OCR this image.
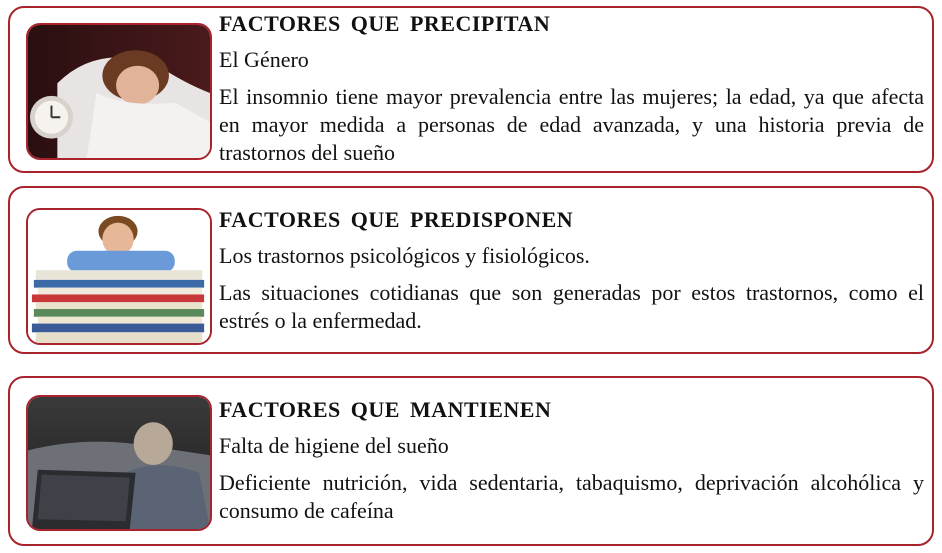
FACTORES QUE PRECIPITAN

El Género

El insomnio tiene mayor prevalencia entre las mujeres; la edad, ya que afecta en mayor medida a personas de edad avanzada, y una historia previa de trastornos del sueño

FACTORES QUE PREDISPONEN

Los trastornos psicológicos y fisiológicos.

Las situaciones cotidianas que son generadas por estos trastornos, como el estrés o la enfermedad.

FACTORES QUE MANTIENEN

Falta de higiene del sueño

Deficiente nutrición, vida sedentaria, tabaquismo, deprivación alcohólica y consumo de cafeína
